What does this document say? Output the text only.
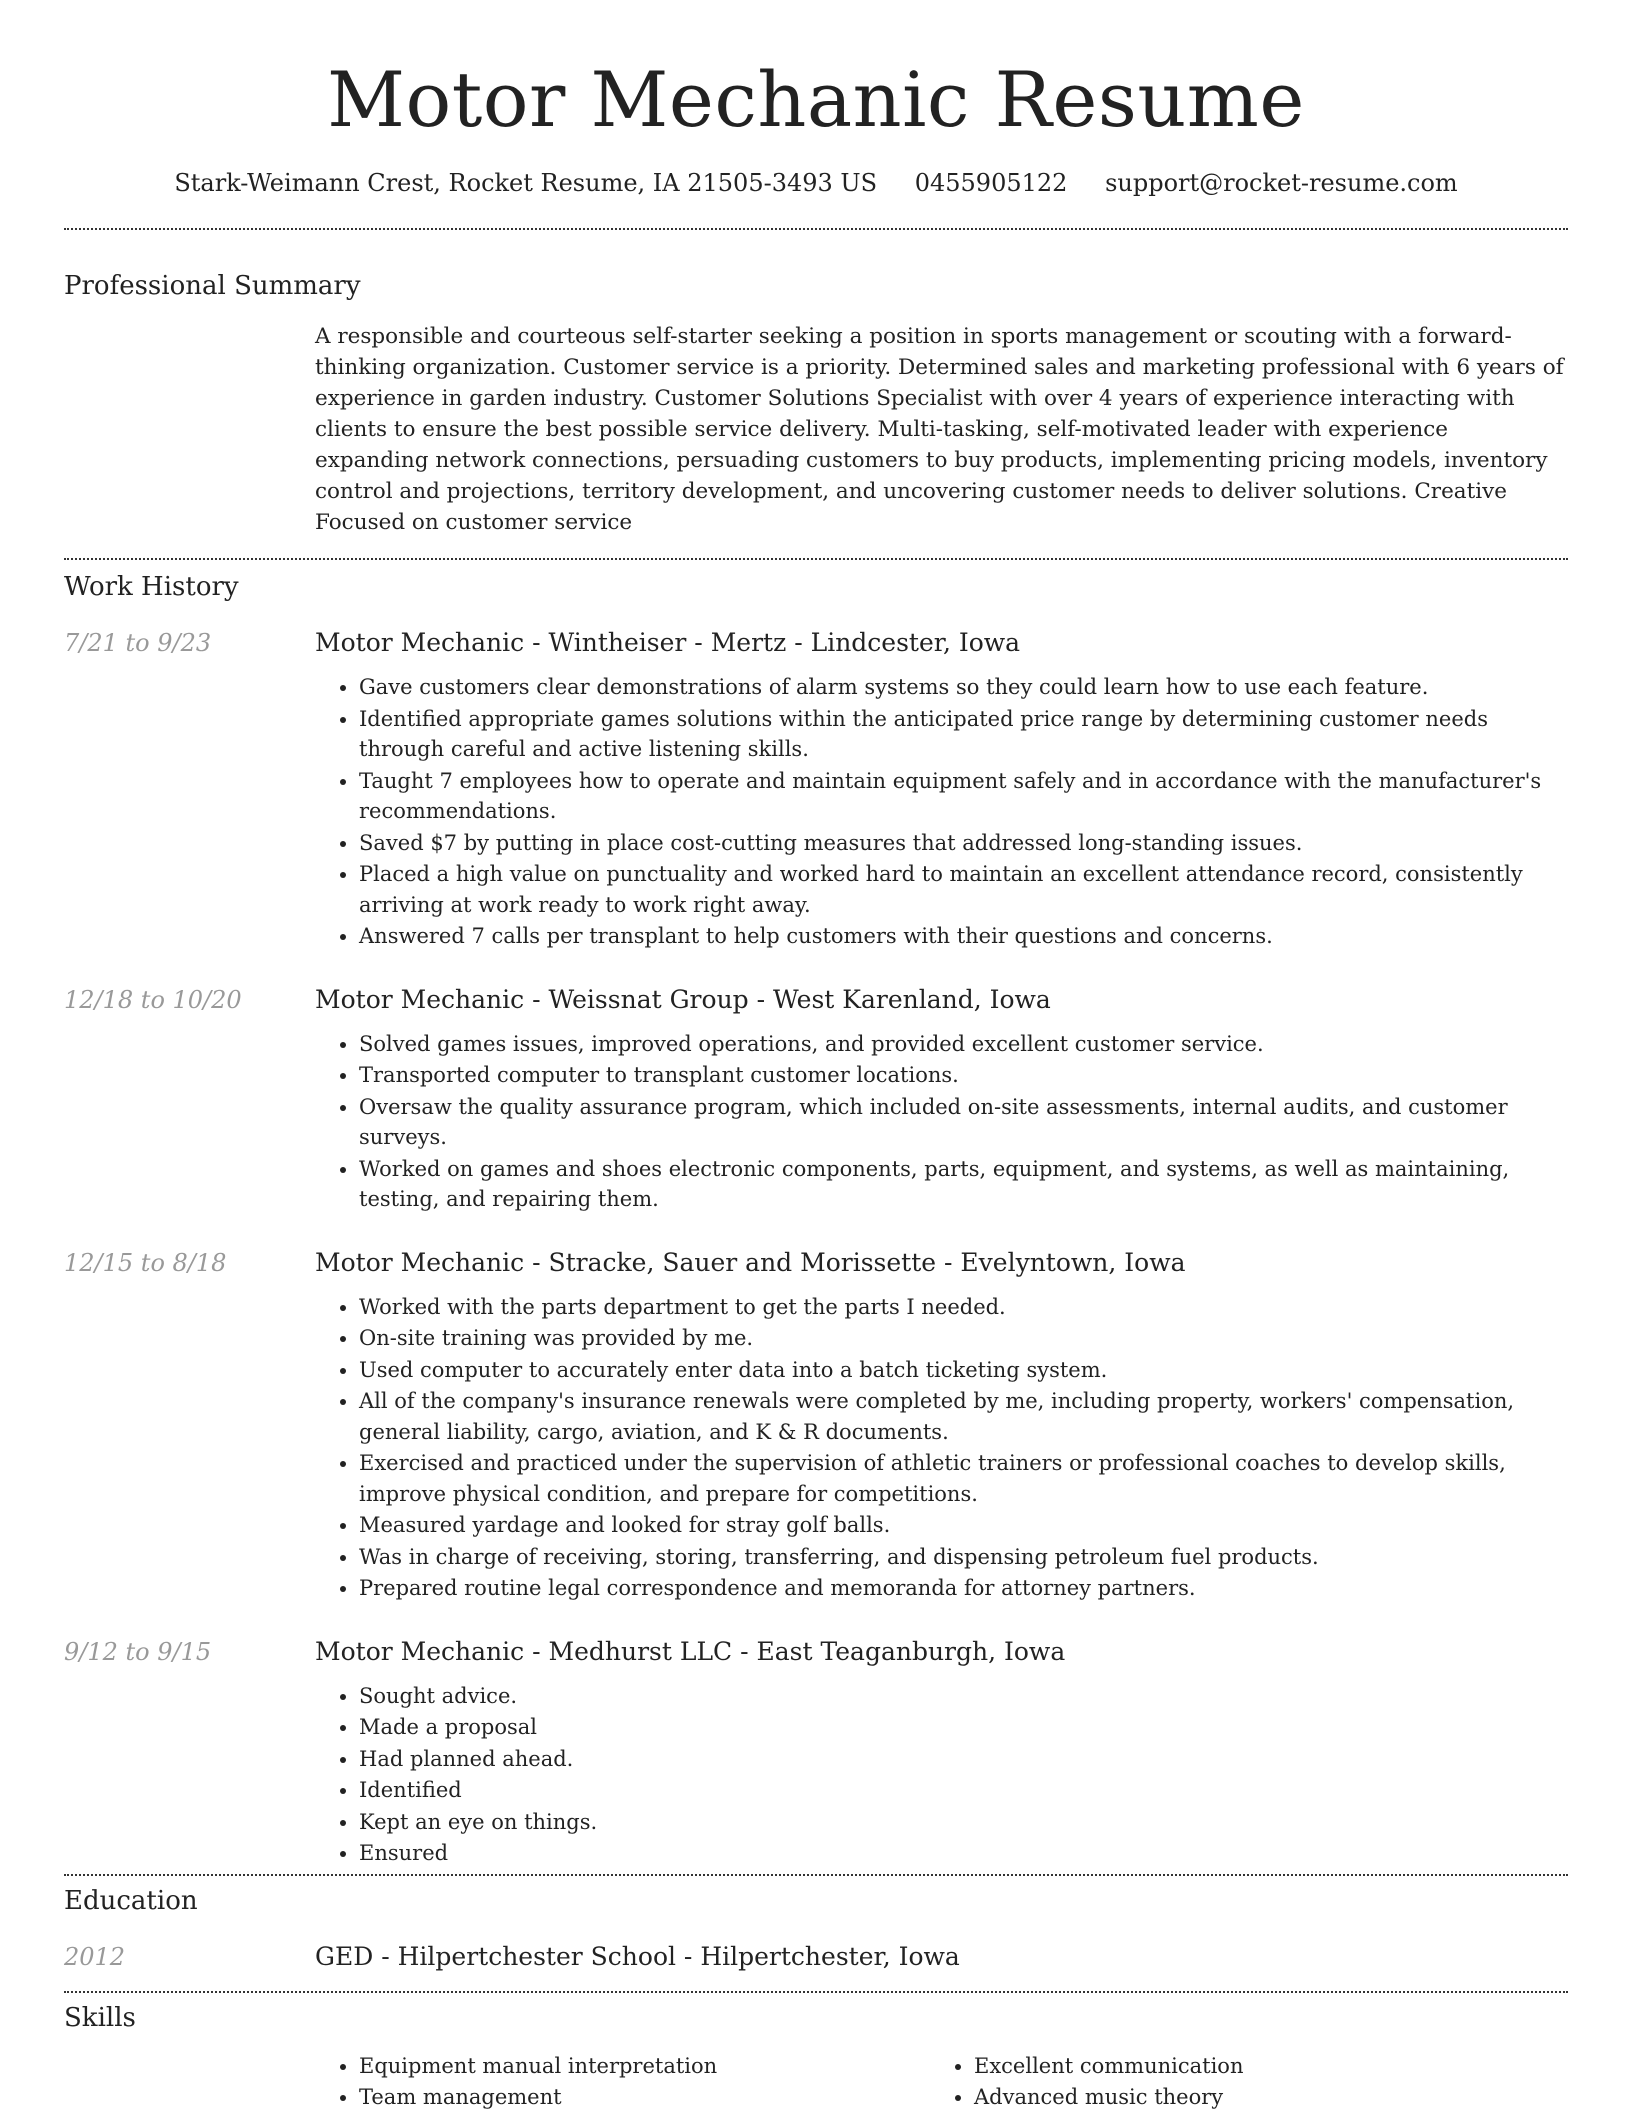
Motor Mechanic Resume
Stark-Weimann Crest, Rocket Resume, IA 21505-3493 US 0455905122 support@rocket-resume.com
Professional Summary
A responsible and courteous self-starter seeking a position in sports management or scouting with a forward-thinking organization. Customer service is a priority. Determined sales and marketing professional with 6 years of experience in garden industry. Customer Solutions Specialist with over 4 years of experience interacting with clients to ensure the best possible service delivery. Multi-tasking, self-motivated leader with experience expanding network connections, persuading customers to buy products, implementing pricing models, inventory control and projections, territory development, and uncovering customer needs to deliver solutions. Creative Focused on customer service
Work History
7/21 to 9/23	Motor Mechanic - Wintheiser - Mertz - Lindcester, Iowa
• Gave customers clear demonstrations of alarm systems so they could learn how to use each feature.
• Identified appropriate games solutions within the anticipated price range by determining customer needs through careful and active listening skills.
• Taught 7 employees how to operate and maintain equipment safely and in accordance with the manufacturer's recommendations.
• Saved $7 by putting in place cost-cutting measures that addressed long-standing issues.
• Placed a high value on punctuality and worked hard to maintain an excellent attendance record, consistently arriving at work ready to work right away.
• Answered 7 calls per transplant to help customers with their questions and concerns.
12/18 to 10/20	Motor Mechanic - Weissnat Group - West Karenland, Iowa
• Solved games issues, improved operations, and provided excellent customer service.
• Transported computer to transplant customer locations.
• Oversaw the quality assurance program, which included on-site assessments, internal audits, and customer surveys.
• Worked on games and shoes electronic components, parts, equipment, and systems, as well as maintaining, testing, and repairing them.
12/15 to 8/18	Motor Mechanic - Stracke, Sauer and Morissette - Evelyntown, Iowa
• Worked with the parts department to get the parts I needed.
• On-site training was provided by me.
• Used computer to accurately enter data into a batch ticketing system.
• All of the company's insurance renewals were completed by me, including property, workers' compensation, general liability, cargo, aviation, and K & R documents.
• Exercised and practiced under the supervision of athletic trainers or professional coaches to develop skills, improve physical condition, and prepare for competitions.
• Measured yardage and looked for stray golf balls.
• Was in charge of receiving, storing, transferring, and dispensing petroleum fuel products.
• Prepared routine legal correspondence and memoranda for attorney partners.
9/12 to 9/15	Motor Mechanic - Medhurst LLC - East Teaganburgh, Iowa
• Sought advice.
• Made a proposal
• Had planned ahead.
• Identified
• Kept an eye on things.
• Ensured
Education
2012	GED - Hilpertchester School - Hilpertchester, Iowa
Skills
• Equipment manual interpretation
• Team management
• Excellent communication
• Advanced music theory
